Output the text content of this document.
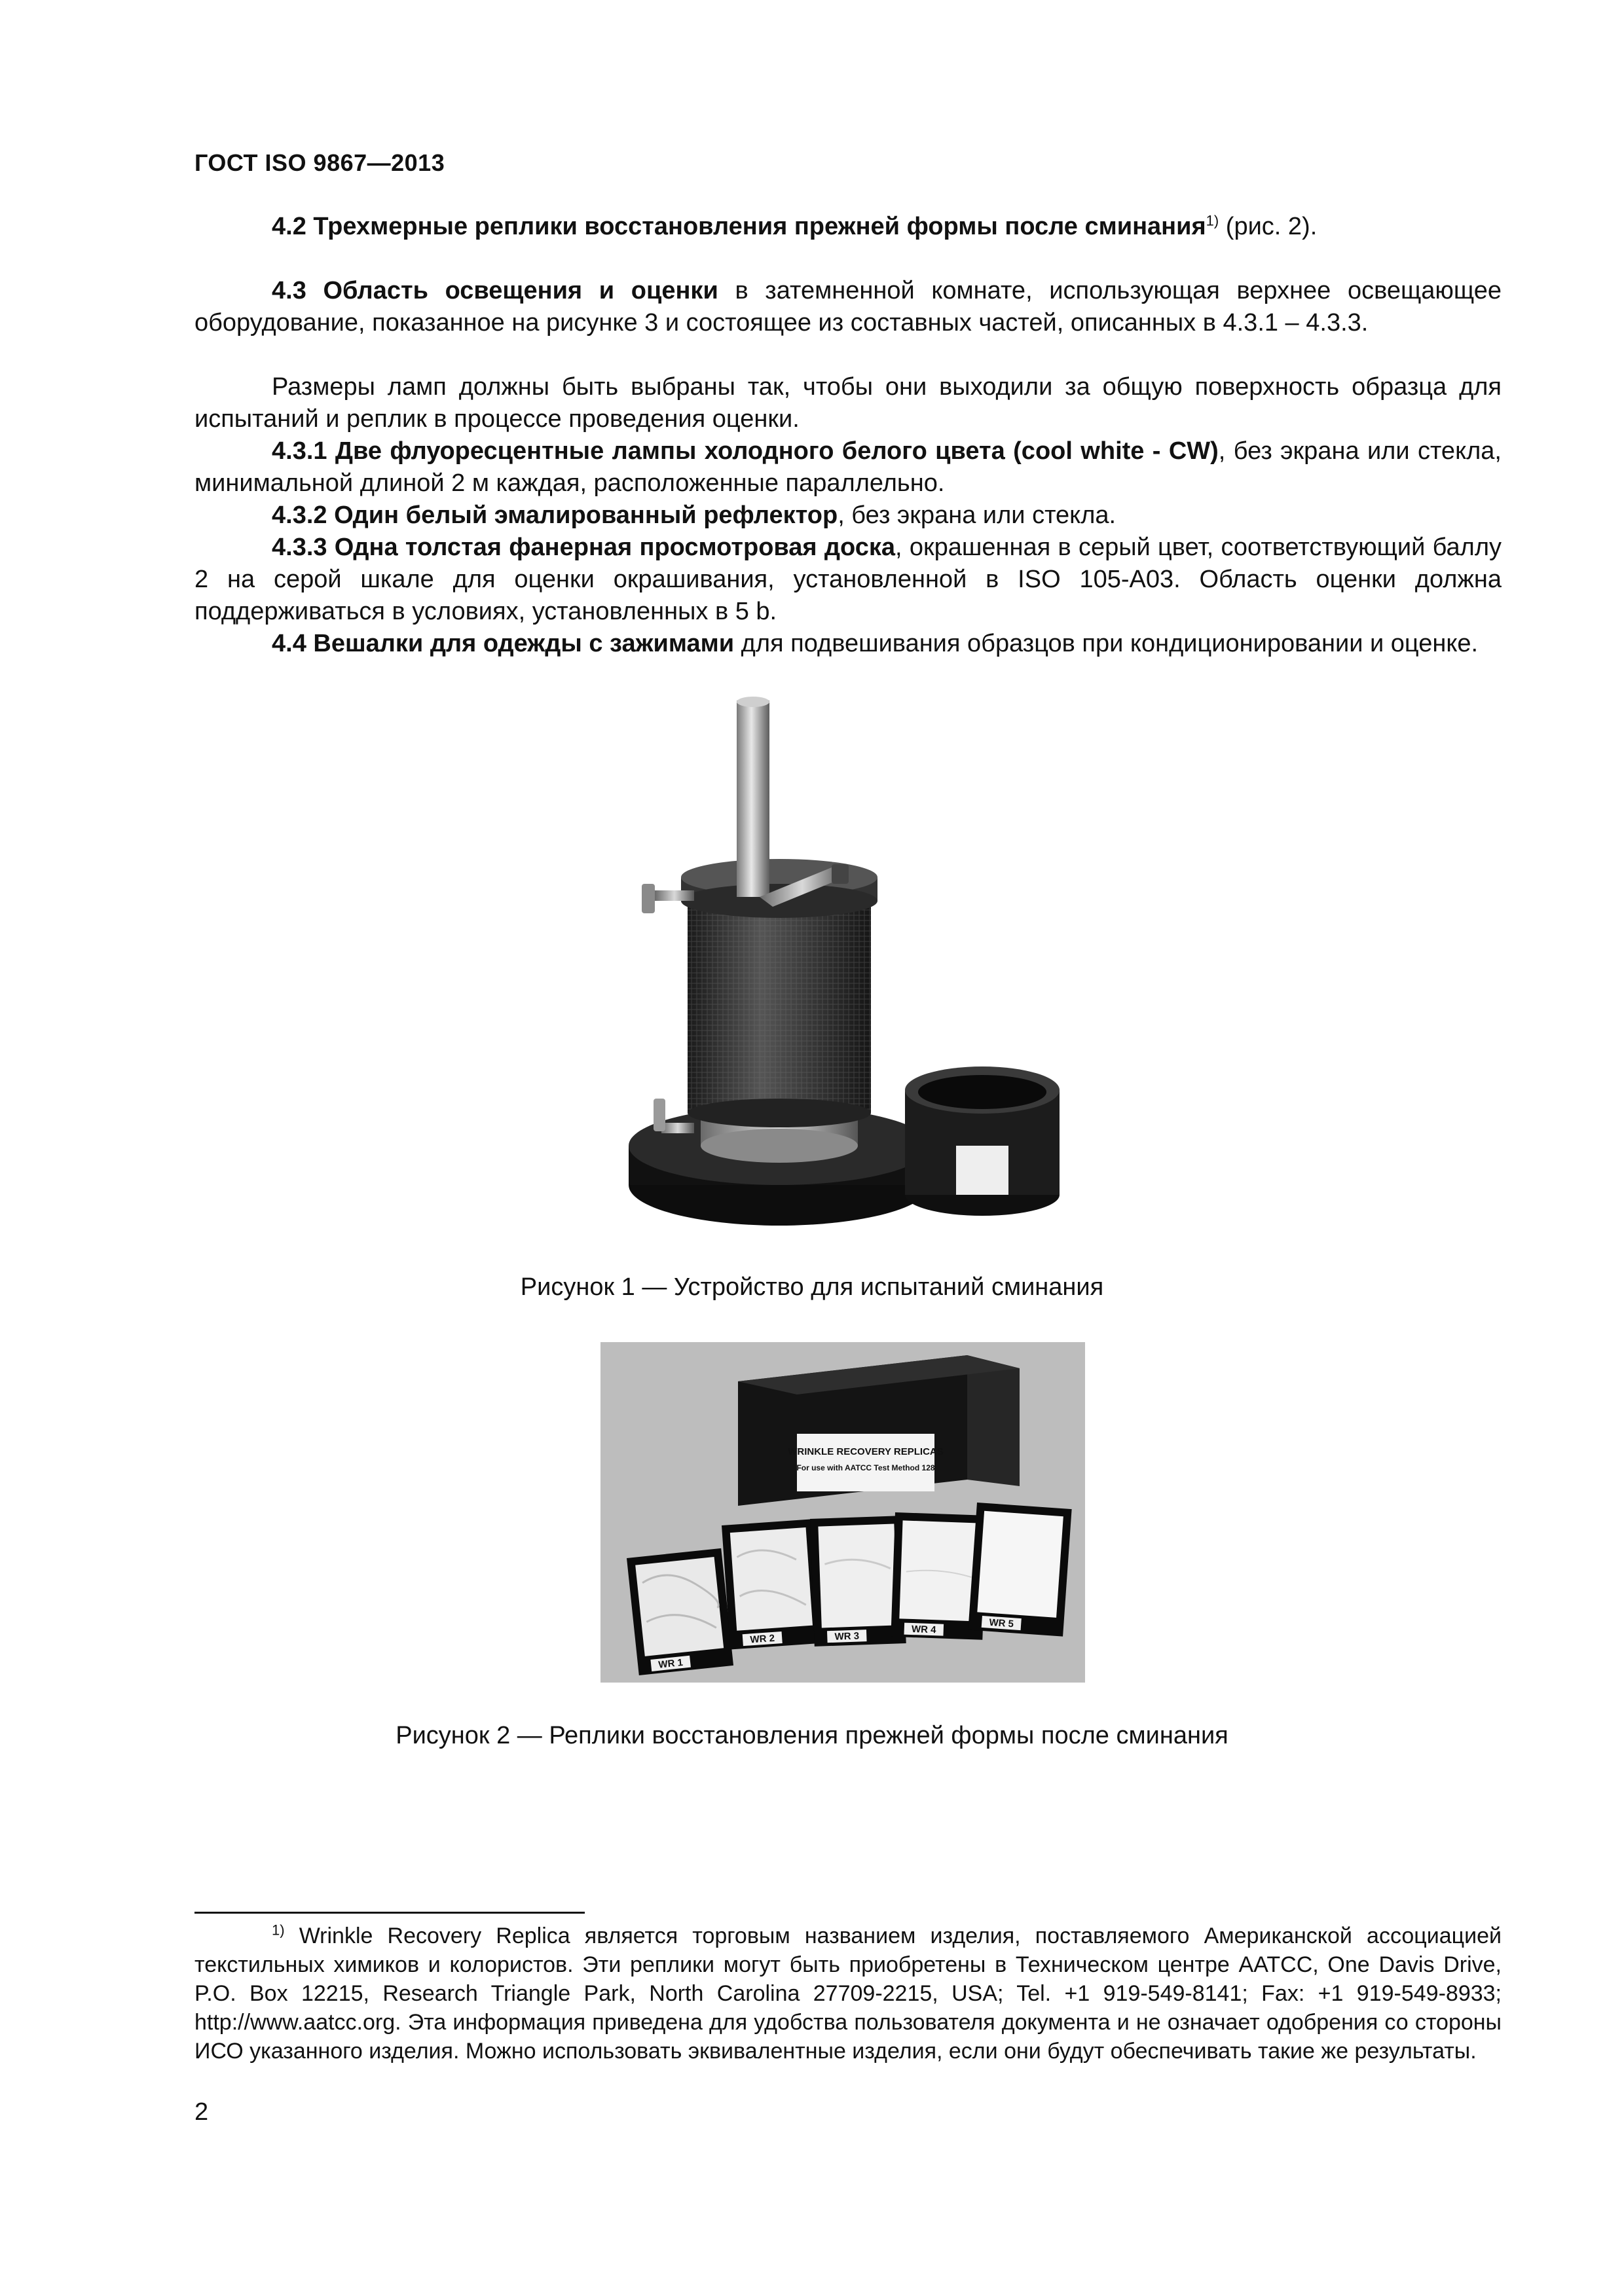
ГОСТ ISO 9867—2013
4.2 Трехмерные реплики восстановления прежней формы после сминания$^{1)}$ (рис. 2).
4.3 Область освещения и оценки в затемненной комнате, использующая верхнее освещающее оборудование, показанное на рисунке 3 и состоящее из составных частей, описанных в 4.3.1 – 4.3.3.
Размеры ламп должны быть выбраны так, чтобы они выходили за общую поверхность образца для испытаний и реплик в процессе проведения оценки.
4.3.1 Две флуоресцентные лампы холодного белого цвета (cool white - CW), без экрана или стекла, минимальной длиной 2 м каждая, расположенные параллельно.
4.3.2 Один белый эмалированный рефлектор, без экрана или стекла.
4.3.3 Одна толстая фанерная просмотровая доска, окрашенная в серый цвет, соответствующий баллу 2 на серой шкале для оценки окрашивания, установленной в ISO 105-A03. Область оценки должна поддерживаться в условиях, установленных в 5 b.
4.4 Вешалки для одежды с зажимами для подвешивания образцов при кондиционировании и оценке.
Рисунок 1 — Устройство для испытаний сминания
WRINKLE RECOVERY REPLICAS
For use with AATCC Test Method 128
WR 1
WR 2	WR 3
WR 4	WR 5
Рисунок 2 — Реплики восстановления прежней формы после сминания
$^{1)}$ Wrinkle Recovery Replica является торговым названием изделия, поставляемого Американской ассоциацией текстильных химиков и колористов. Эти реплики могут быть приобретены в Техническом центре AATCC, One Davis Drive, P.O. Box 12215, Research Triangle Park, North Carolina 27709-2215, USA; Tel. +1 919-549-8141; Fax: +1 919-549-8933; http://www.aatcc.org. Эта информация приведена для удобства пользователя документа и не означает одобрения со стороны ИСО указанного изделия. Можно использовать эквивалентные изделия, если они будут обеспечивать такие же результаты.
2
